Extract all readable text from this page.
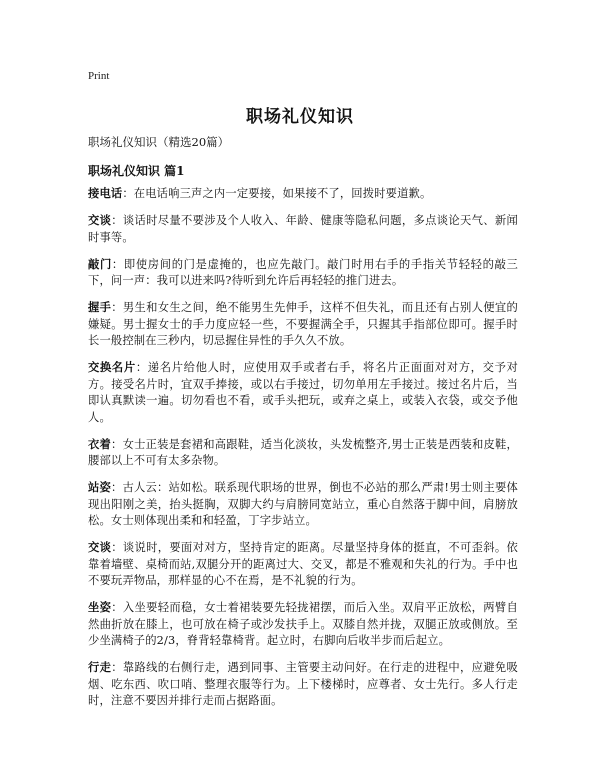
Print
职场礼仪知识
职场礼仪知识（精选20篇）
职场礼仪知识 篇1

接电话：在电话响三声之内一定要接，如果接不了，回拨时要道歉。

交谈：谈话时尽量不要涉及个人收入、年龄、健康等隐私问题，多点谈论天气、新闻时事等。

敲门：即使房间的门是虚掩的，也应先敲门。敲门时用右手的手指关节轻轻的敲三下，问一声：我可以进来吗?待听到允许后再轻轻的推门进去。

握手：男生和女生之间，绝不能男生先伸手，这样不但失礼，而且还有占别人便宜的嫌疑。男士握女士的手力度应轻一些，不要握满全手，只握其手指部位即可。握手时长一般控制在三秒内，切忌握住异性的手久久不放。

交换名片：递名片给他人时，应使用双手或者右手，将名片正面面对对方，交予对方。接受名片时，宜双手捧接，或以右手接过，切勿单用左手接过。接过名片后，当即认真默读一遍。切勿看也不看，或手头把玩，或弃之桌上，或装入衣袋，或交予他人。

衣着：女士正装是套裙和高跟鞋，适当化淡妆，头发梳整齐,男士正装是西装和皮鞋，腰部以上不可有太多杂物。

站姿：古人云：站如松。联系现代职场的世界，倒也不必站的那么严肃!男士则主要体现出阳刚之美，抬头挺胸，双脚大约与肩膀同宽站立，重心自然落于脚中间，肩膀放松。女士则体现出柔和和轻盈，丁字步站立。

交谈：谈说时，要面对对方，坚持肯定的距离。尽量坚持身体的挺直，不可歪斜。依靠着墙壁、桌椅而站,双腿分开的距离过大、交叉，都是不雅观和失礼的行为。手中也不要玩弄物品，那样显的心不在焉，是不礼貌的行为。

坐姿：入坐要轻而稳，女士着裙装要先轻拢裙摆，而后入坐。双肩平正放松，两臂自然曲折放在膝上，也可放在椅子或沙发扶手上。双膝自然并拢，双腿正放或侧放。至少坐满椅子的2/3，脊背轻靠椅背。起立时，右脚向后收半步而后起立。

行走：靠路线的右侧行走，遇到同事、主管要主动问好。在行走的进程中，应避免吸烟、吃东西、吹口哨、整理衣服等行为。上下楼梯时，应尊者、女士先行。多人行走时，注意不要因并排行走而占据路面。
